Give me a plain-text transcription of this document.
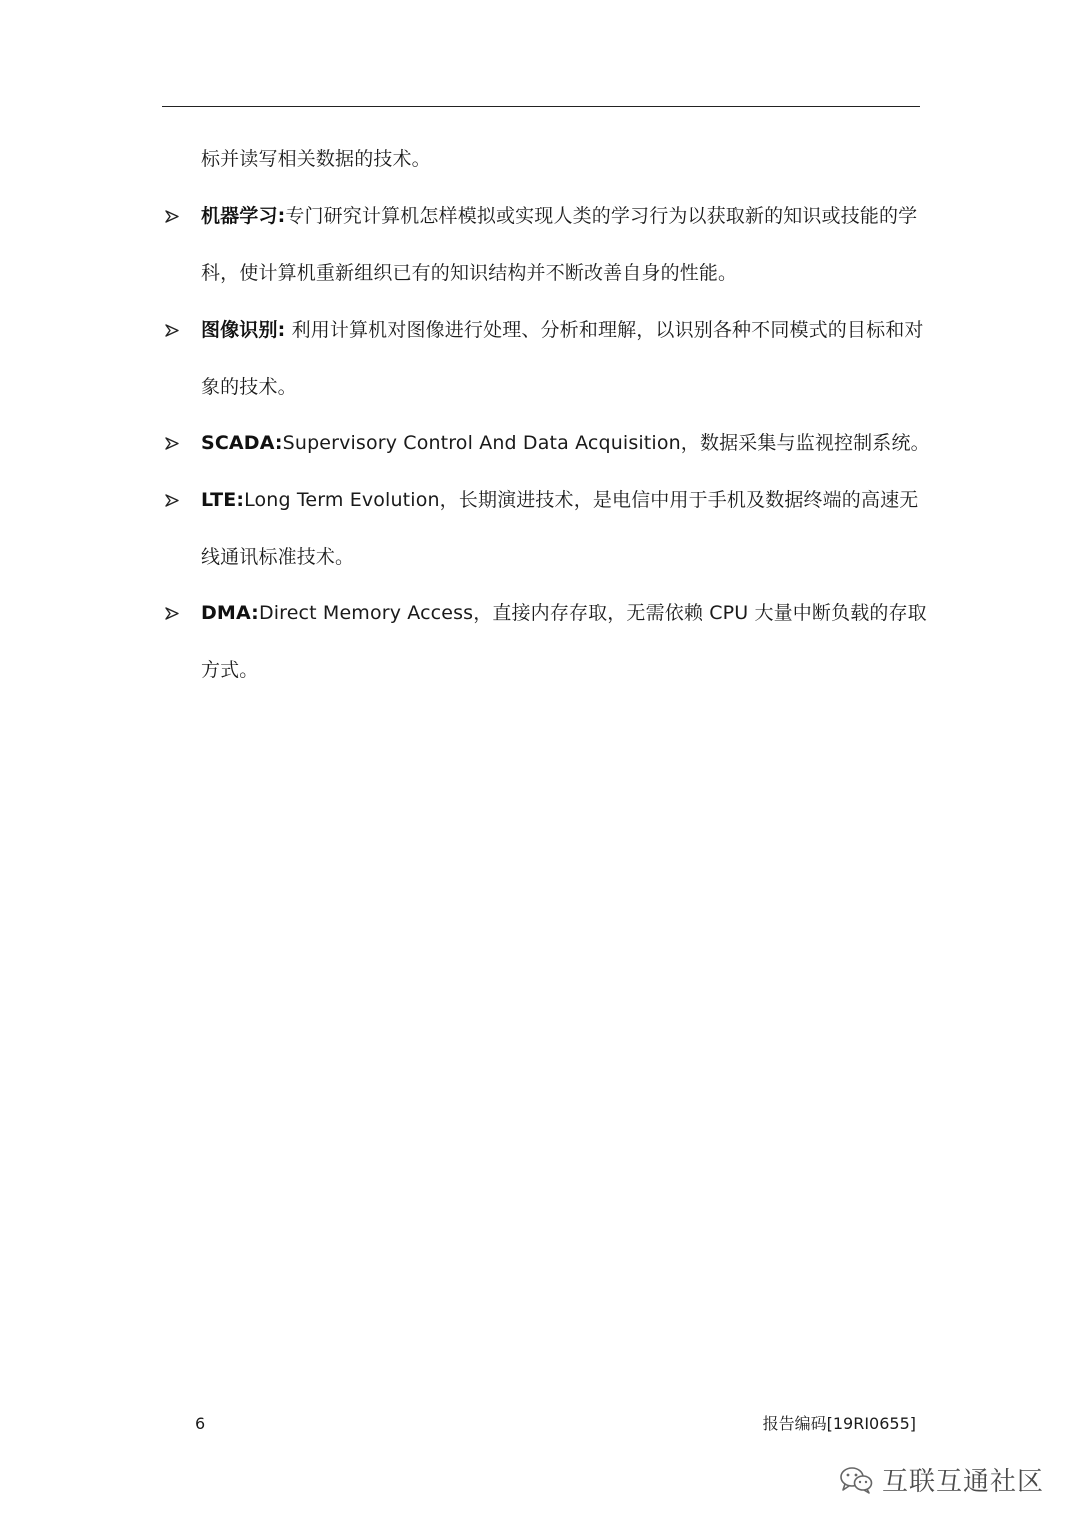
标并读写相关数据的技术。
机器学习:专门研究计算机怎样模拟或实现人类的学习行为以获取新的知识或技能的学
科，使计算机重新组织已有的知识结构并不断改善自身的性能。
图像识别: 利用计算机对图像进行处理、分析和理解，以识别各种不同模式的目标和对
象的技术。
SCADA:Supervisory Control And Data Acquisition，数据采集与监视控制系统。
LTE:Long Term Evolution，长期演进技术，是电信中用于手机及数据终端的高速无
线通讯标准技术。
DMA:Direct Memory Access，直接内存存取，无需依赖 CPU 大量中断负载的存取
方式。
6	报告编码[19RI0655]
互联互通社区
